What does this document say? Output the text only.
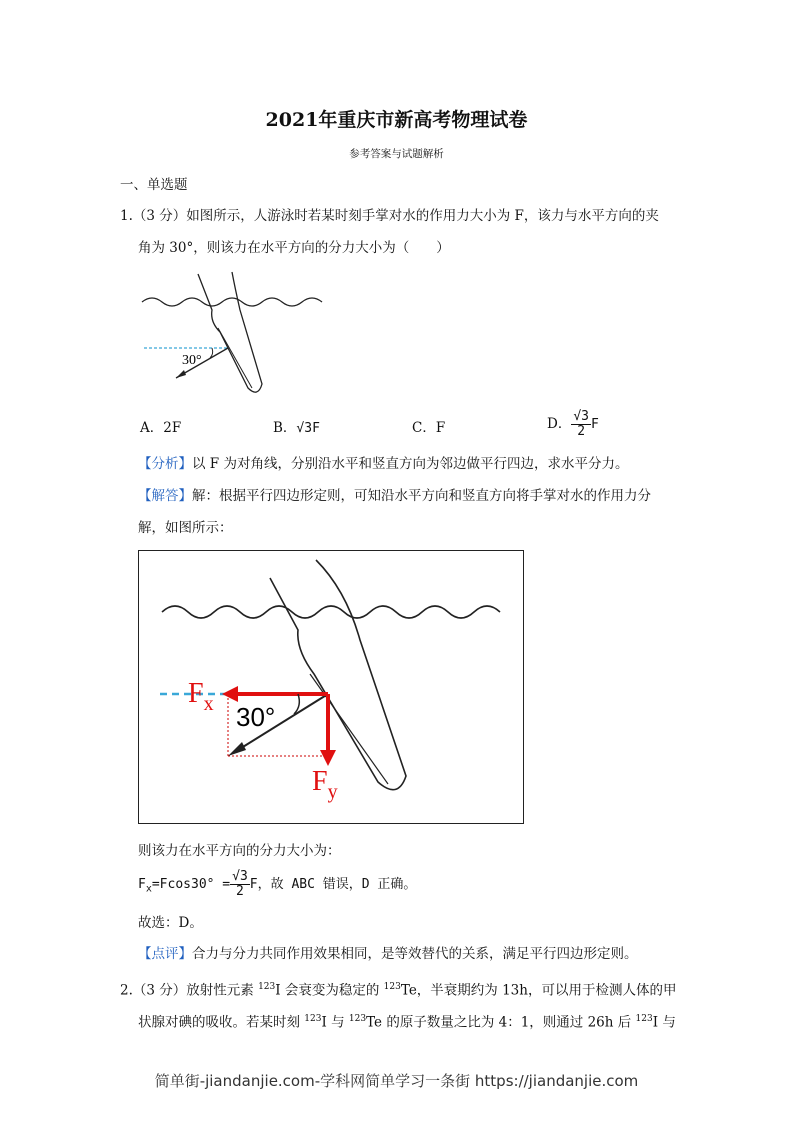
2021年重庆市新高考物理试卷
参考答案与试题解析
一、单选题
1.（3 分）如图所示，人游泳时若某时刻手掌对水的作用力大小为 F，该力与水平方向的夹
角为 30°，则该力在水平方向的分力大小为（　　）
30°
A．2F	B．√3F	C．F	D． $\frac{√3}{2}$ F
【分析】以 F 为对角线，分别沿水平和竖直方向为邻边做平行四边，求水平分力。
【解答】解：根据平行四边形定则，可知沿水平方向和竖直方向将手掌对水的作用力分
解，如图所示：
30°
$F_x$
$F_y$
则该力在水平方向的分力大小为：
$F_x=Fcos30^\circ = \frac{√3}{2}$ F，故 ABC 错误，D 正确。
故选：D。
【点评】合力与分力共同作用效果相同，是等效替代的关系，满足平行四边形定则。
2.（3 分）放射性元素 $^{123}$I 会衰变为稳定的 $^{123}$Te，半衰期约为 13h，可以用于检测人体的甲
状腺对碘的吸收。若某时刻 $^{123}$I 与 $^{123}$Te 的原子数量之比为 4：1，则通过 26h 后 $^{123}$I 与
简单街-jiandanjie.com-学科网简单学习一条街 https://jiandanjie.com
